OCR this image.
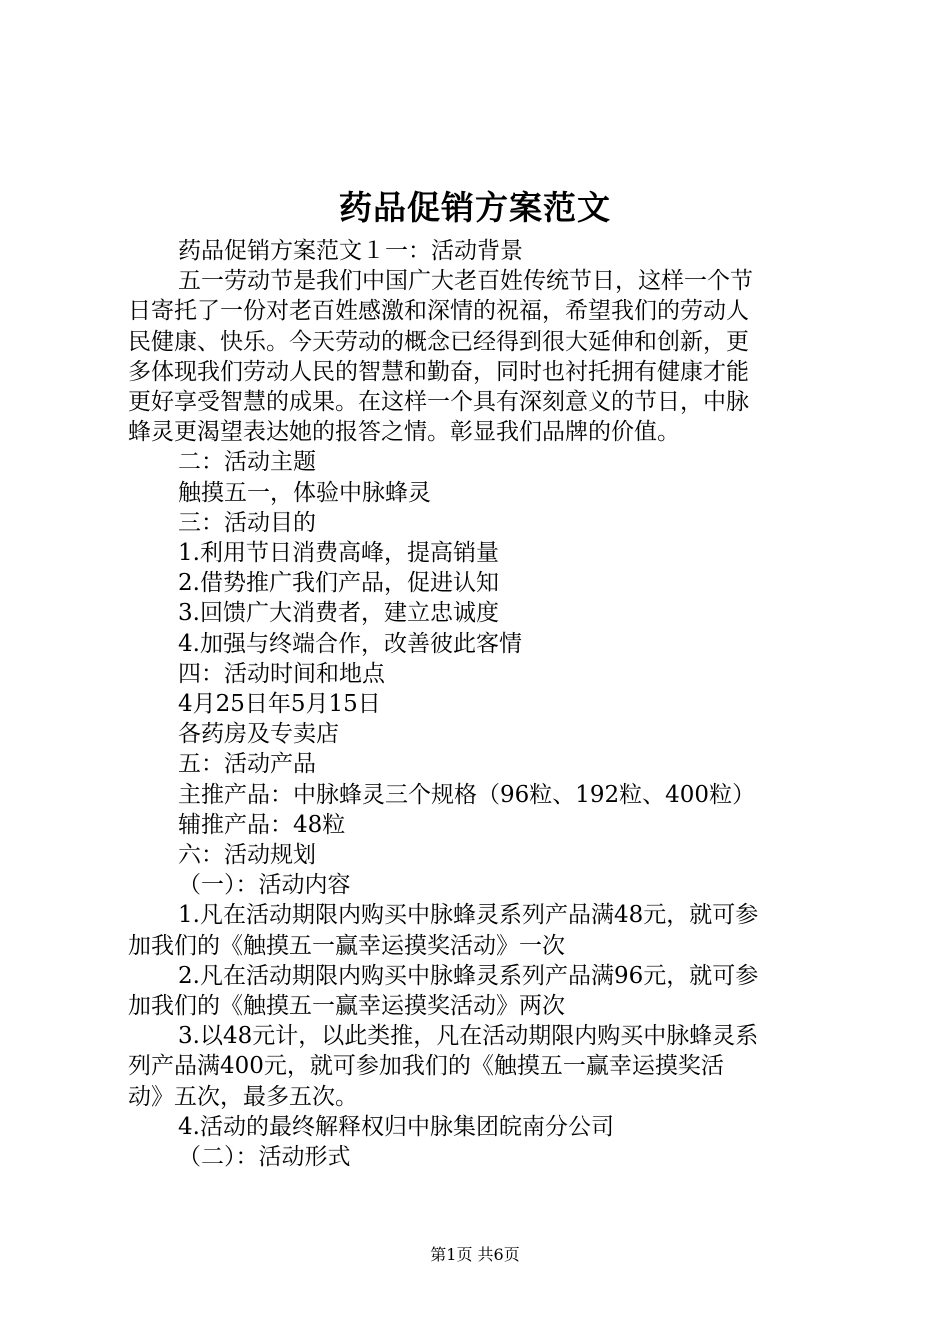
药品促销方案范文

药品促销方案范文１一：活动背景

五一劳动节是我们中国广大老百姓传统节日，这样一个节

日寄托了一份对老百姓感激和深情的祝福，希望我们的劳动人

民健康、快乐。今天劳动的概念已经得到很大延伸和创新，更

多体现我们劳动人民的智慧和勤奋，同时也衬托拥有健康才能

更好享受智慧的成果。在这样一个具有深刻意义的节日，中脉

蜂灵更渴望表达她的报答之情。彰显我们品牌的价值。

二：活动主题

触摸五一，体验中脉蜂灵

三：活动目的

1.利用节日消费高峰，提高销量

2.借势推广我们产品，促进认知

3.回馈广大消费者，建立忠诚度

4.加强与终端合作，改善彼此客情

四：活动时间和地点

4月25日年5月15日

各药房及专卖店

五：活动产品

主推产品：中脉蜂灵三个规格（96粒、192粒、400粒）

辅推产品：48粒

六：活动规划

（一）：活动内容

1.凡在活动期限内购买中脉蜂灵系列产品满48元，就可参

加我们的《触摸五一赢幸运摸奖活动》一次

2.凡在活动期限内购买中脉蜂灵系列产品满96元，就可参

加我们的《触摸五一赢幸运摸奖活动》两次

3.以48元计，以此类推，凡在活动期限内购买中脉蜂灵系

列产品满400元，就可参加我们的《触摸五一赢幸运摸奖活

动》五次，最多五次。

4.活动的最终解释权归中脉集团皖南分公司

（二）：活动形式

第1页 共6页
